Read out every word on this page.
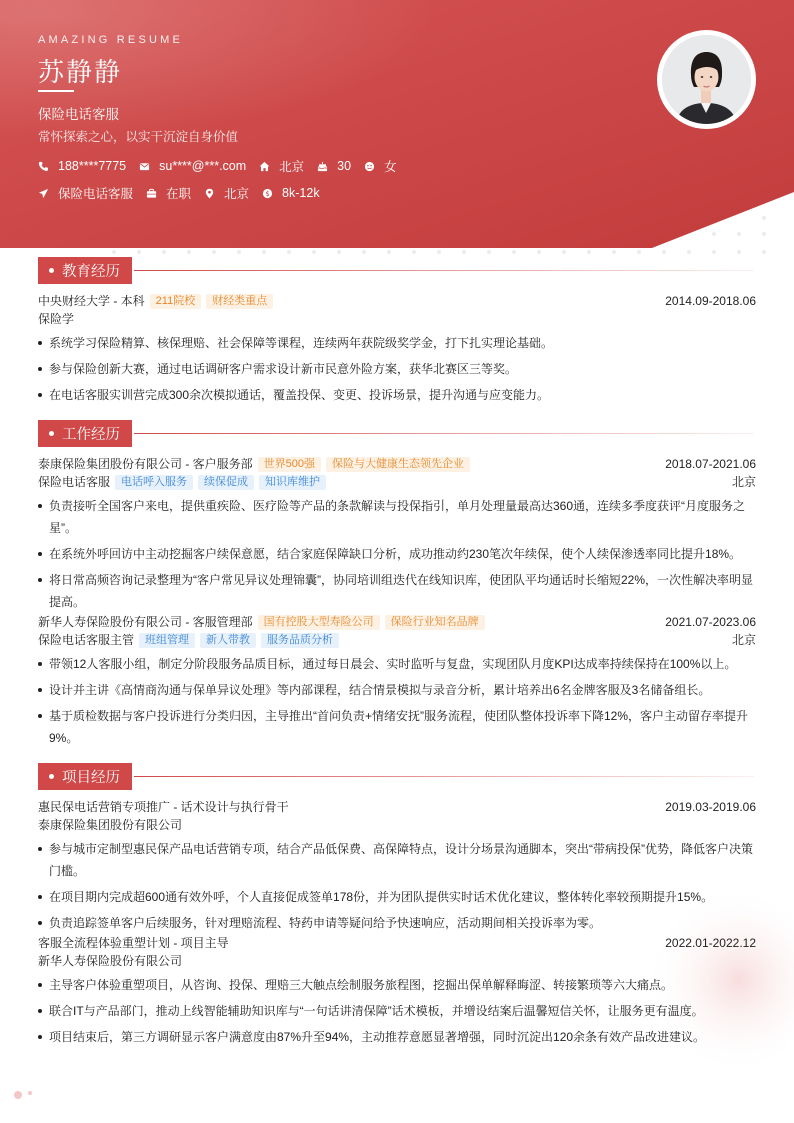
AMAZING RESUME
苏静静
保险电话客服
常怀探索之心，以实干沉淀自身价值
188****7775	su****@***.com	北京	30	女
保险电话客服	在职	北京 $ 8k-12k
教育经历
中央财经大学 - 本科	211院校	财经类重点	2014.09-2018.06
保险学
系统学习保险精算、核保理赔、社会保障等课程，连续两年获院级奖学金，打下扎实理论基础。
参与保险创新大赛，通过电话调研客户需求设计新市民意外险方案，获华北赛区三等奖。
在电话客服实训营完成300余次模拟通话，覆盖投保、变更、投诉场景，提升沟通与应变能力。
工作经历
泰康保险集团股份有限公司 - 客户服务部	世界500强	保险与大健康生态领先企业	2018.07-2021.06
保险电话客服	电话呼入服务	续保促成	知识库维护	北京
负责接听全国客户来电，提供重疾险、医疗险等产品的条款解读与投保指引，单月处理量最高达360通，连续多季度获评“月度服务之星”。
在系统外呼回访中主动挖掘客户续保意愿，结合家庭保障缺口分析，成功推动约230笔次年续保，使个人续保渗透率同比提升18%。
将日常高频咨询记录整理为“客户常见异议处理锦囊”，协同培训组迭代在线知识库，使团队平均通话时长缩短22%，一次性解决率明显提高。
新华人寿保险股份有限公司 - 客服管理部	国有控股大型寿险公司	保险行业知名品牌	2021.07-2023.06
保险电话客服主管	班组管理	新人带教	服务品质分析	北京
带领12人客服小组，制定分阶段服务品质目标，通过每日晨会、实时监听与复盘，实现团队月度KPI达成率持续保持在100%以上。
设计并主讲《高情商沟通与保单异议处理》等内部课程，结合情景模拟与录音分析，累计培养出6名金牌客服及3名储备组长。
基于质检数据与客户投诉进行分类归因，主导推出“首问负责+情绪安抚”服务流程，使团队整体投诉率下降12%，客户主动留存率提升9%。
项目经历
惠民保电话营销专项推广 - 话术设计与执行骨干	2019.03-2019.06
泰康保险集团股份有限公司
参与城市定制型惠民保产品电话营销专项，结合产品低保费、高保障特点，设计分场景沟通脚本，突出“带病投保”优势，降低客户决策门槛。
在项目期内完成超600通有效外呼，个人直接促成签单178份，并为团队提供实时话术优化建议，整体转化率较预期提升15%。
负责追踪签单客户后续服务，针对理赔流程、特药申请等疑问给予快速响应，活动期间相关投诉率为零。
客服全流程体验重塑计划 - 项目主导	2022.01-2022.12
新华人寿保险股份有限公司
主导客户体验重塑项目，从咨询、投保、理赔三大触点绘制服务旅程图，挖掘出保单解释晦涩、转接繁琐等六大痛点。
联合IT与产品部门，推动上线智能辅助知识库与“一句话讲清保障”话术模板，并增设结案后温馨短信关怀，让服务更有温度。
项目结束后，第三方调研显示客户满意度由87%升至94%，主动推荐意愿显著增强，同时沉淀出120余条有效产品改进建议。
